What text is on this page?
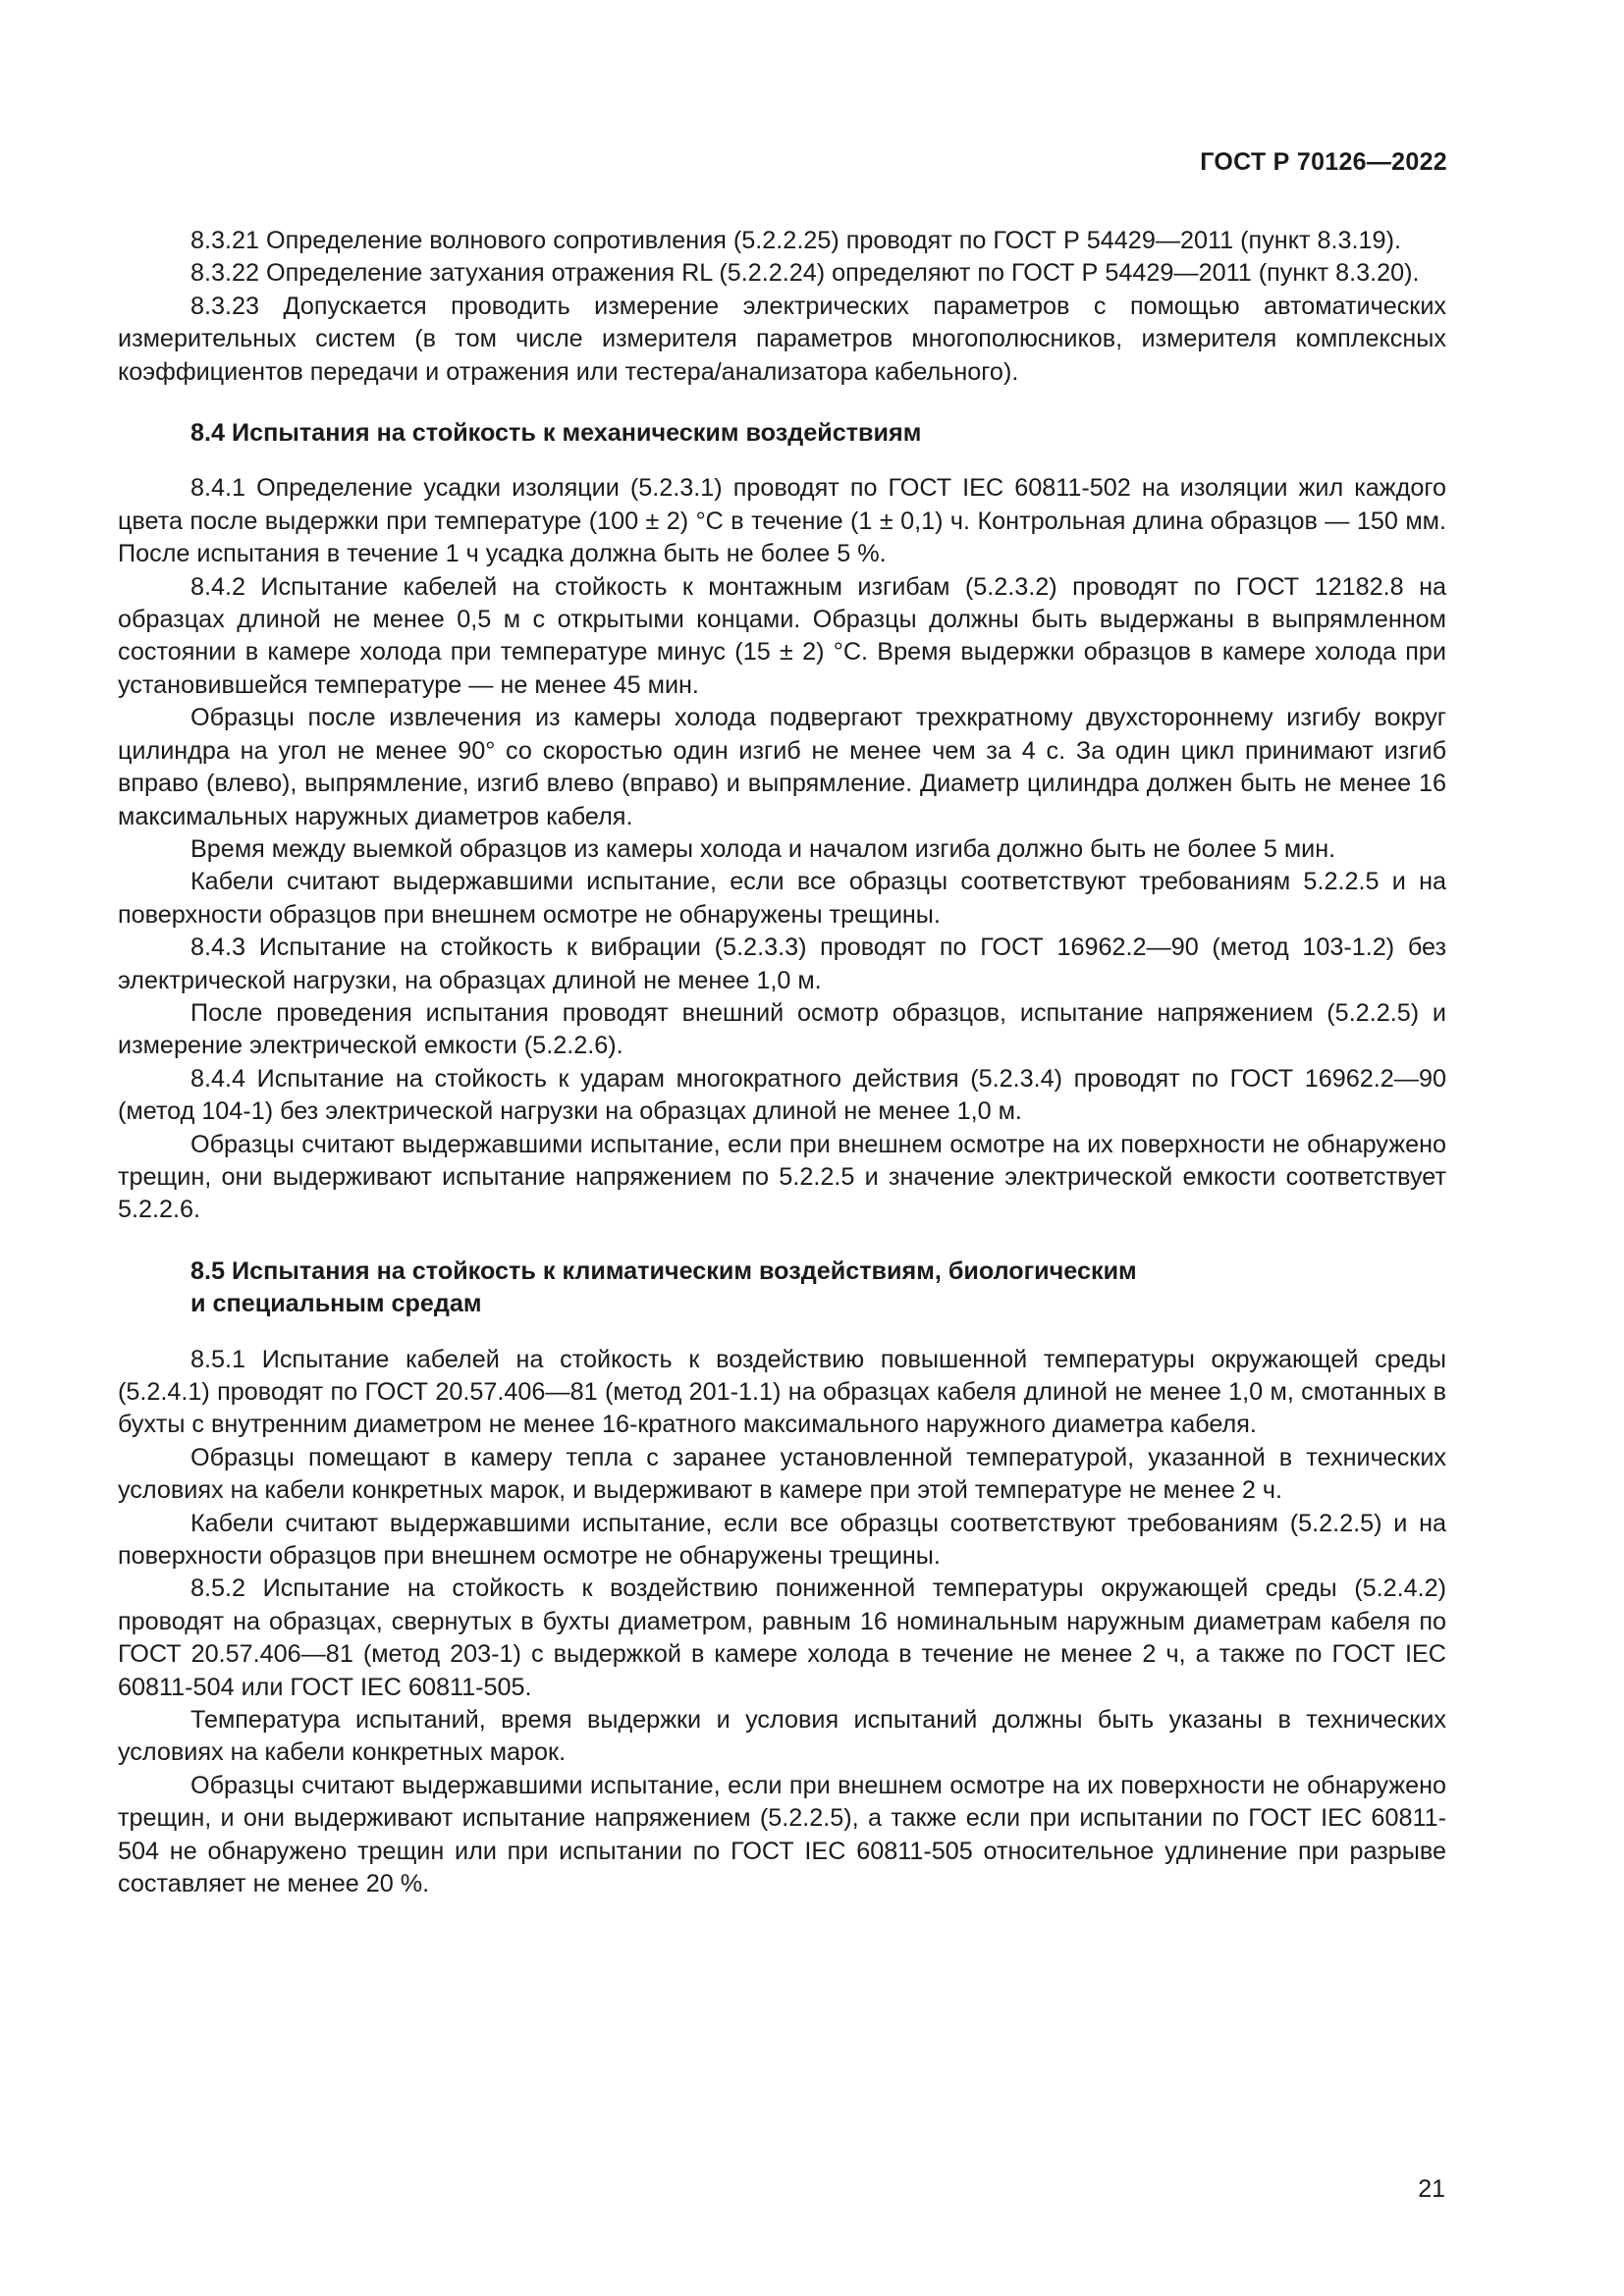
ГОСТ Р 70126—2022

8.3.21 Определение волнового сопротивления (5.2.2.25) проводят по ГОСТ Р 54429—2011 (пункт 8.3.19).

8.3.22 Определение затухания отражения RL (5.2.2.24) определяют по ГОСТ Р 54429—2011 (пункт 8.3.20).

8.3.23 Допускается проводить измерение электрических параметров с помощью автоматических измерительных систем (в том числе измерителя параметров многополюсников, измерителя комплексных коэффициентов передачи и отражения или тестера/анализатора кабельного).

8.4 Испытания на стойкость к механическим воздействиям

8.4.1 Определение усадки изоляции (5.2.3.1) проводят по ГОСТ IEC 60811-502 на изоляции жил каждого цвета после выдержки при температуре (100 ± 2) °С в течение (1 ± 0,1) ч. Контрольная длина образцов — 150 мм. После испытания в течение 1 ч усадка должна быть не более 5 %.

8.4.2 Испытание кабелей на стойкость к монтажным изгибам (5.2.3.2) проводят по ГОСТ 12182.8 на образцах длиной не менее 0,5 м с открытыми концами. Образцы должны быть выдержаны в выпрямленном состоянии в камере холода при температуре минус (15 ± 2) °С. Время выдержки образцов в камере холода при установившейся температуре — не менее 45 мин.

Образцы после извлечения из камеры холода подвергают трехкратному двухстороннему изгибу вокруг цилиндра на угол не менее 90° со скоростью один изгиб не менее чем за 4 с. За один цикл принимают изгиб вправо (влево), выпрямление, изгиб влево (вправо) и выпрямление. Диаметр цилиндра должен быть не менее 16 максимальных наружных диаметров кабеля.

Время между выемкой образцов из камеры холода и началом изгиба должно быть не более 5 мин.

Кабели считают выдержавшими испытание, если все образцы соответствуют требованиям 5.2.2.5 и на поверхности образцов при внешнем осмотре не обнаружены трещины.

8.4.3 Испытание на стойкость к вибрации (5.2.3.3) проводят по ГОСТ 16962.2—90 (метод 103-1.2) без электрической нагрузки, на образцах длиной не менее 1,0 м.

После проведения испытания проводят внешний осмотр образцов, испытание напряжением (5.2.2.5) и измерение электрической емкости (5.2.2.6).

8.4.4 Испытание на стойкость к ударам многократного действия (5.2.3.4) проводят по ГОСТ 16962.2—90 (метод 104-1) без электрической нагрузки на образцах длиной не менее 1,0 м.

Образцы считают выдержавшими испытание, если при внешнем осмотре на их поверхности не обнаружено трещин, они выдерживают испытание напряжением по 5.2.2.5 и значение электрической емкости соответствует 5.2.2.6.

8.5 Испытания на стойкость к климатическим воздействиям, биологическим
и специальным средам

8.5.1 Испытание кабелей на стойкость к воздействию повышенной температуры окружающей среды (5.2.4.1) проводят по ГОСТ 20.57.406—81 (метод 201-1.1) на образцах кабеля длиной не менее 1,0 м, смотанных в бухты с внутренним диаметром не менее 16-кратного максимального наружного диаметра кабеля.

Образцы помещают в камеру тепла с заранее установленной температурой, указанной в технических условиях на кабели конкретных марок, и выдерживают в камере при этой температуре не менее 2 ч.

Кабели считают выдержавшими испытание, если все образцы соответствуют требованиям (5.2.2.5) и на поверхности образцов при внешнем осмотре не обнаружены трещины.

8.5.2 Испытание на стойкость к воздействию пониженной температуры окружающей среды (5.2.4.2) проводят на образцах, свернутых в бухты диаметром, равным 16 номинальным наружным диаметрам кабеля по ГОСТ 20.57.406—81 (метод 203-1) с выдержкой в камере холода в течение не менее 2 ч, а также по ГОСТ IEC 60811-504 или ГОСТ IEC 60811-505.

Температура испытаний, время выдержки и условия испытаний должны быть указаны в технических условиях на кабели конкретных марок.

Образцы считают выдержавшими испытание, если при внешнем осмотре на их поверхности не обнаружено трещин, и они выдерживают испытание напряжением (5.2.2.5), а также если при испытании по ГОСТ IEC 60811-504 не обнаружено трещин или при испытании по ГОСТ IEC 60811-505 относительное удлинение при разрыве составляет не менее 20 %.

21
